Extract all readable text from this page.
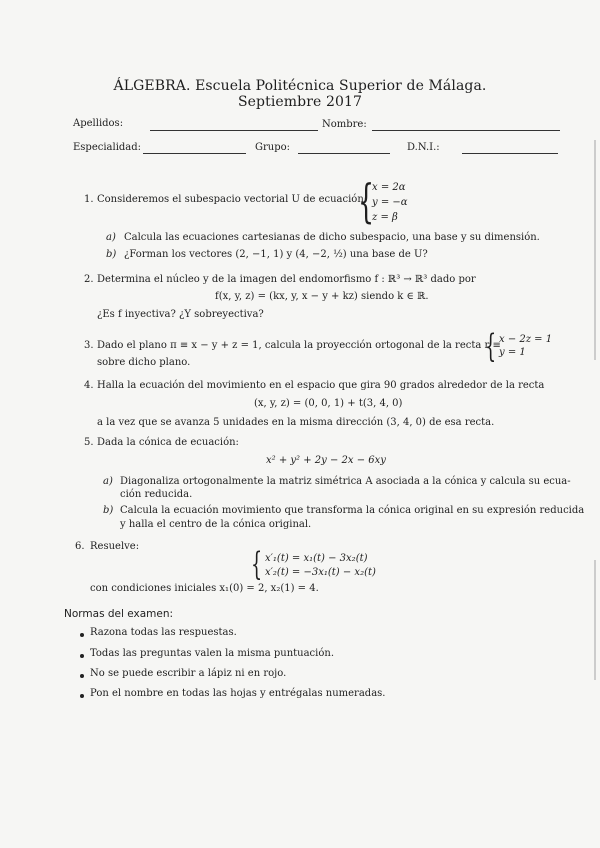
ÁLGEBRA. Escuela Politécnica Superior de Málaga.
Septiembre 2017
Apellidos:	Nombre:
Especialidad:	Grupo:	D.N.I.:
1. Consideremos el subespacio vectorial U de ecuación:
{
x = 2α
y = −α
z = β
a) Calcula las ecuaciones cartesianas de dicho subespacio, una base y su dimensión.
b) ¿Forman los vectores (2, −1, 1) y (4, −2, ½) una base de U?
2. Determina el núcleo y de la imagen del endomorfismo f : ℝ³ → ℝ³ dado por
f(x, y, z) = (kx, y, x − y + kz) siendo k ∈ ℝ.
¿Es f inyectiva? ¿Y sobreyectiva?
3. Dado el plano π ≡ x − y + z = 1, calcula la proyección ortogonal de la recta r ≡
{ x − 2z = 1
y = 1
sobre dicho plano.
4. Halla la ecuación del movimiento en el espacio que gira 90 grados alrededor de la recta
(x, y, z) = (0, 0, 1) + t(3, 4, 0)
a la vez que se avanza 5 unidades en la misma dirección (3, 4, 0) de esa recta.
5. Dada la cónica de ecuación:
x² + y² + 2y − 2x − 6xy
a) Diagonaliza ortogonalmente la matriz simétrica A asociada a la cónica y calcula su ecua-
ción reducida.
b) Calcula la ecuación movimiento que transforma la cónica original en su expresión reducida
y halla el centro de la cónica original.
6. Resuelve:	{ x′₁(t) = x₁(t) − 3x₂(t)
x′₂(t) = −3x₁(t) − x₂(t)
con condiciones iniciales x₁(0) = 2, x₂(1) = 4.
Normas del examen:
Razona todas las respuestas.
Todas las preguntas valen la misma puntuación.
No se puede escribir a lápiz ni en rojo.
Pon el nombre en todas las hojas y entrégalas numeradas.
